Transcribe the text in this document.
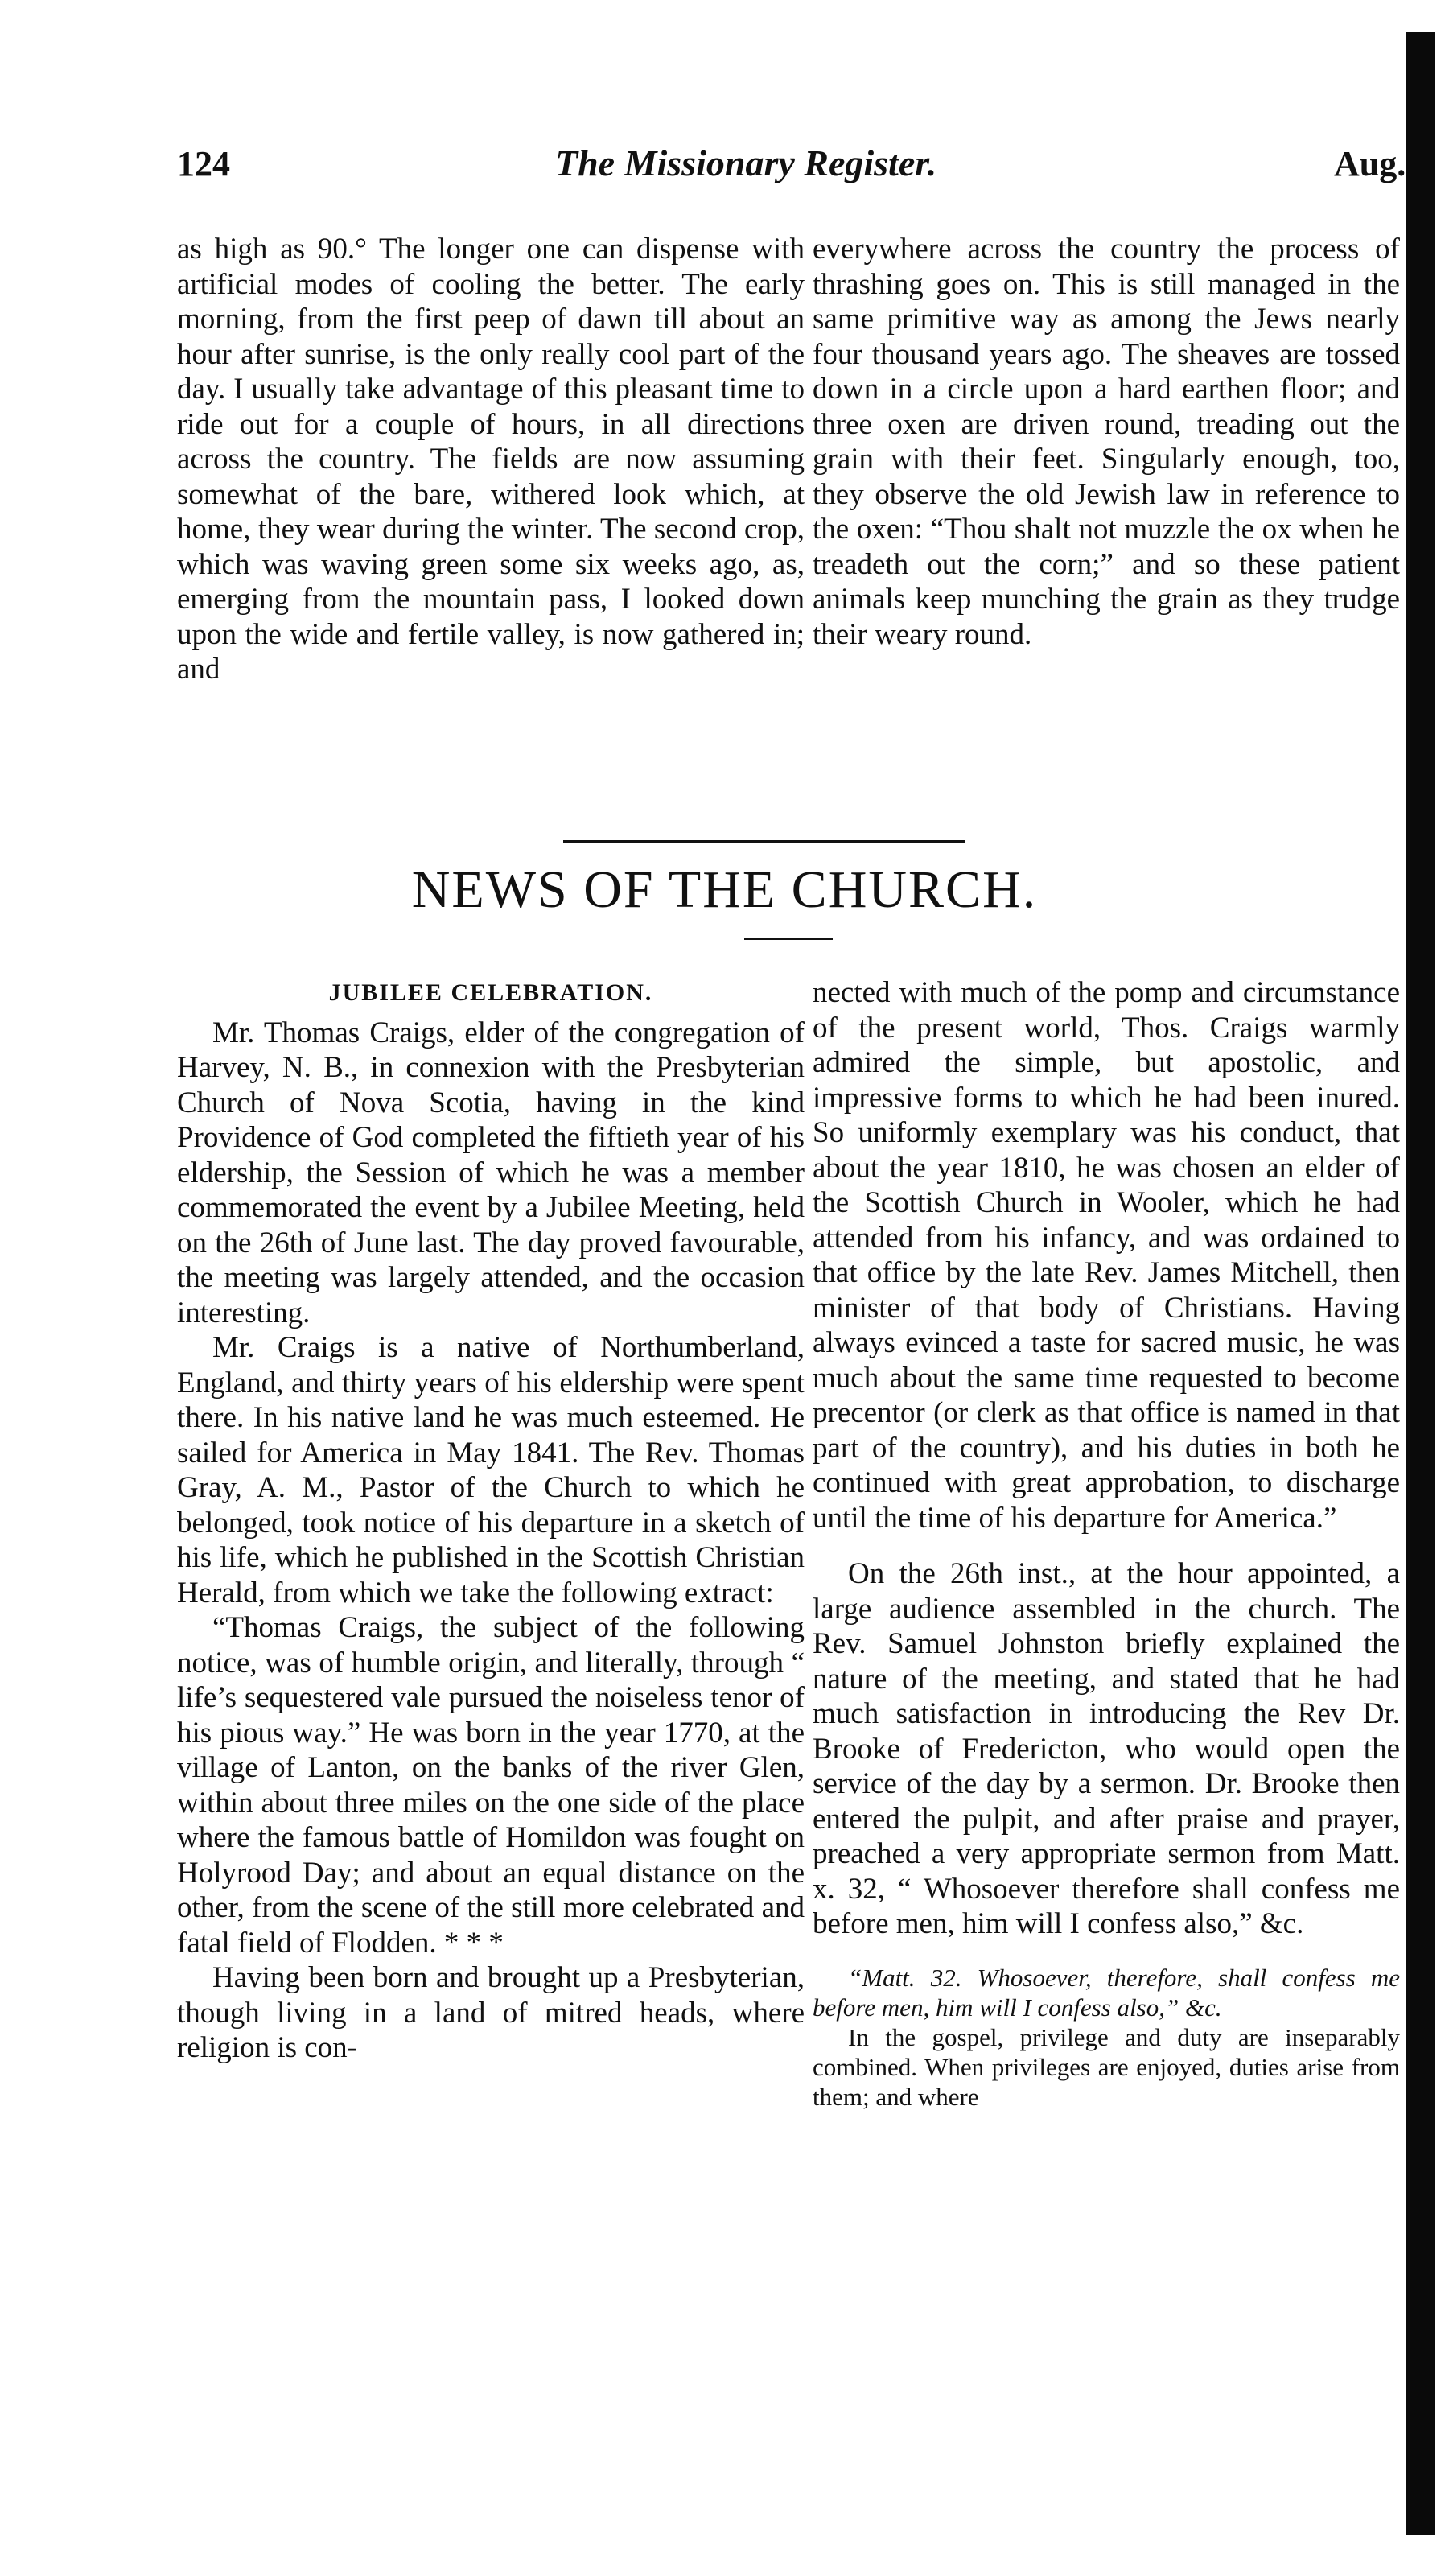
124	The Missionary Register.	Aug.

as high as 90.° The longer one can dispense with artificial modes of cooling the better. The early morning, from the first peep of dawn till about an hour after sunrise, is the only really cool part of the day. I usually take advantage of this pleasant time to ride out for a couple of hours, in all directions across the country. The fields are now assuming somewhat of the bare, withered look which, at home, they wear during the winter. The second crop, which was waving green some six weeks ago, as, emerging from the mountain pass, I looked down upon the wide and fertile valley, is now gathered in; and

everywhere across the country the process of thrashing goes on. This is still managed in the same primitive way as among the Jews nearly four thousand years ago. The sheaves are tossed down in a circle upon a hard earthen floor; and three oxen are driven round, treading out the grain with their feet. Singularly enough, too, they observe the old Jewish law in reference to the oxen: “Thou shalt not muzzle the ox when he treadeth out the corn;” and so these patient animals keep munching the grain as they trudge their weary round.

NEWS OF THE CHURCH.

JUBILEE CELEBRATION.

Mr. Thomas Craigs, elder of the congregation of Harvey, N. B., in connexion with the Presbyterian Church of Nova Scotia, having in the kind Providence of God completed the fiftieth year of his eldership, the Session of which he was a member commemorated the event by a Jubilee Meeting, held on the 26th of June last. The day proved favourable, the meeting was largely attended, and the occasion interesting.

Mr. Craigs is a native of Northumberland, England, and thirty years of his eldership were spent there. In his native land he was much esteemed. He sailed for America in May 1841. The Rev. Thomas Gray, A. M., Pastor of the Church to which he belonged, took notice of his departure in a sketch of his life, which he published in the Scottish Christian Herald, from which we take the following extract:

“Thomas Craigs, the subject of the following notice, was of humble origin, and literally, through “ life’s sequestered vale pursued the noiseless tenor of his pious way.” He was born in the year 1770, at the village of Lanton, on the banks of the river Glen, within about three miles on the one side of the place where the famous battle of Homildon was fought on Holyrood Day; and about an equal distance on the other, from the scene of the still more celebrated and fatal field of Flodden. * * *

Having been born and brought up a Presbyterian, though living in a land of mitred heads, where religion is con-

nected with much of the pomp and circumstance of the present world, Thos. Craigs warmly admired the simple, but apostolic, and impressive forms to which he had been inured. So uniformly exemplary was his conduct, that about the year 1810, he was chosen an elder of the Scottish Church in Wooler, which he had attended from his infancy, and was ordained to that office by the late Rev. James Mitchell, then minister of that body of Christians. Having always evinced a taste for sacred music, he was much about the same time requested to become precentor (or clerk as that office is named in that part of the country), and his duties in both he continued with great approbation, to discharge until the time of his departure for America.”

On the 26th inst., at the hour appointed, a large audience assembled in the church. The Rev. Samuel Johnston briefly explained the nature of the meeting, and stated that he had much satisfaction in introducing the Rev Dr. Brooke of Fredericton, who would open the service of the day by a sermon. Dr. Brooke then entered the pulpit, and after praise and prayer, preached a very appropriate sermon from Matt. x. 32, “ Whosoever therefore shall confess me before men, him will I confess also,” &c.

“Matt. 32. Whosoever, therefore, shall confess me before men, him will I confess also,” &c.

In the gospel, privilege and duty are inseparably combined. When privileges are enjoyed, duties arise from them; and where
